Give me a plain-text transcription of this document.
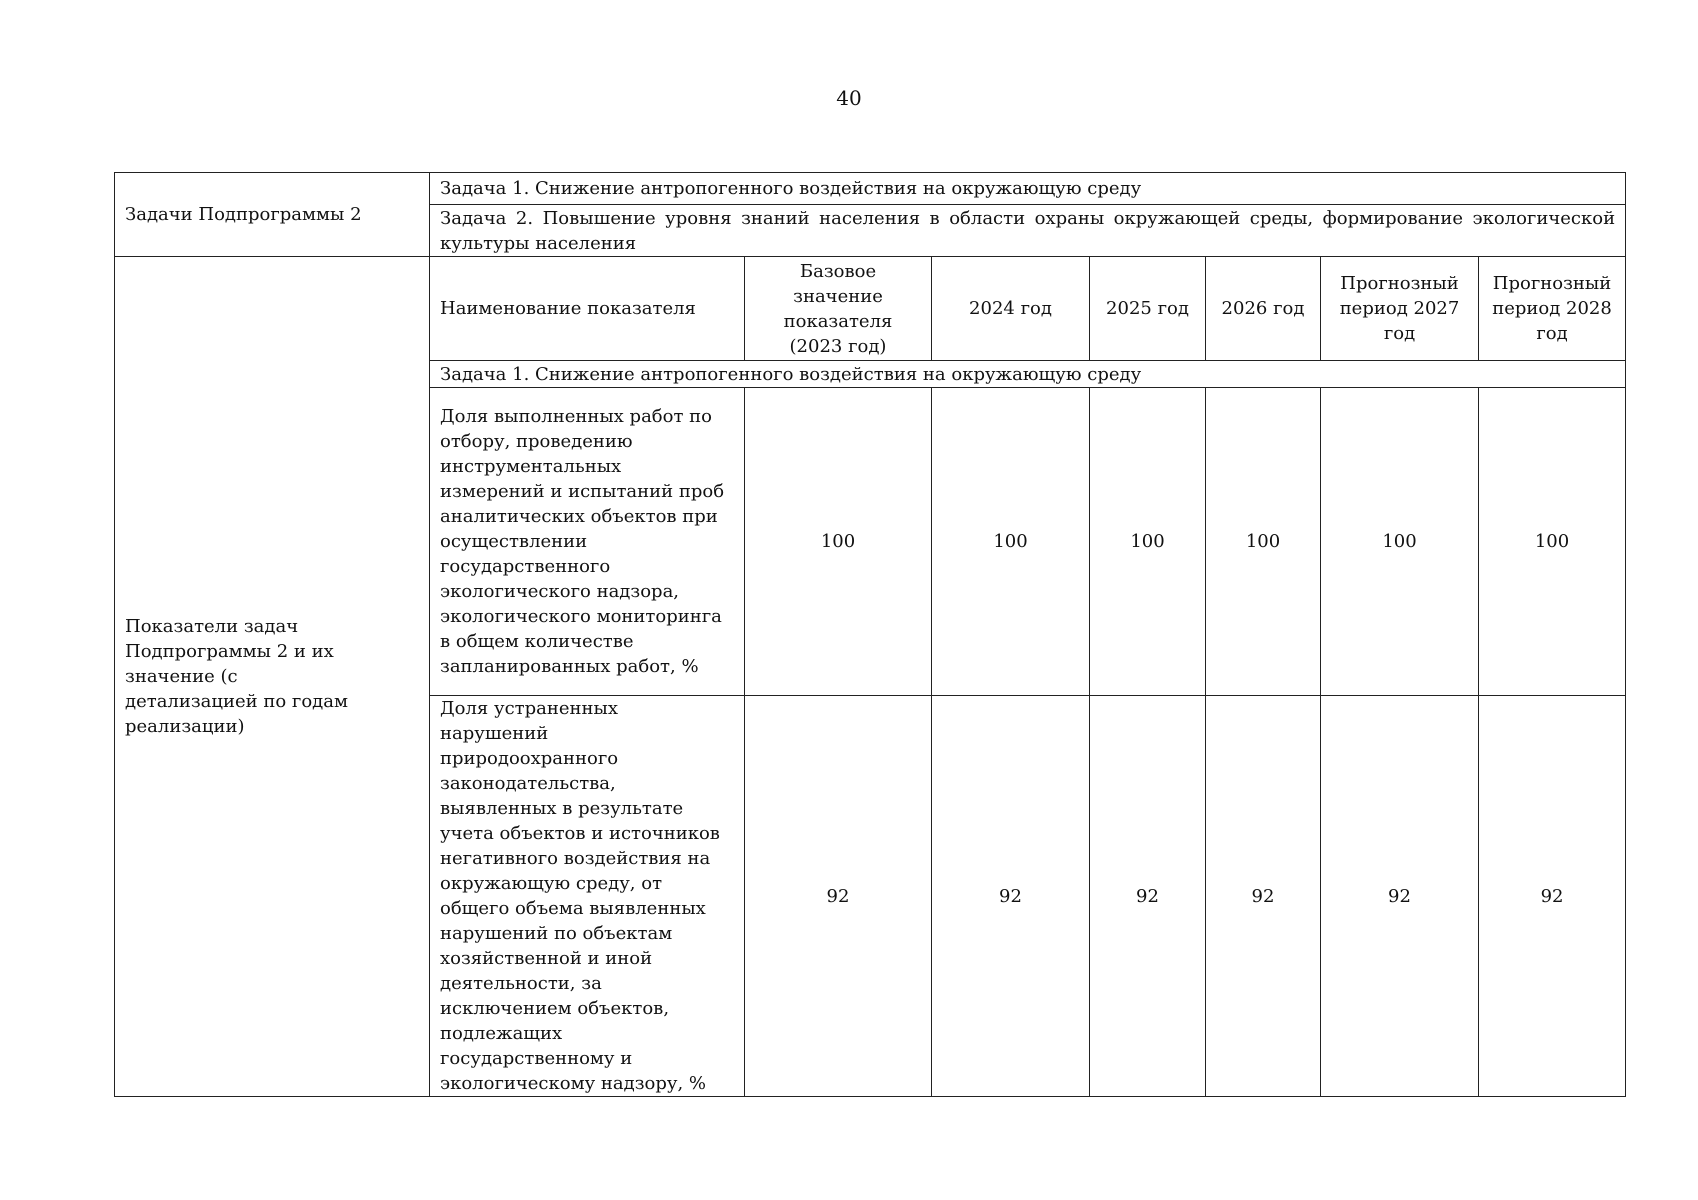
40
Задачи Подпрограммы 2	Задача 1. Снижение антропогенного воздействия на окружающую среду						
	Задача 2. Повышение уровня знаний населения в области охраны окружающей среды, формирование экологической культуры населения						

Показатели задач Подпрограммы 2 и их значение (с детализацией по годам реализации)	Наименование показателя	Базовое значение показателя (2023 год)	2024 год	2025 год	2026 год	Прогнозный период 2027 год	Прогнозный период 2028 год

	Задача 1. Снижение антропогенного воздействия на окружающую среду						

	Доля выполненных работ по отбору, проведению инструментальных измерений и испытаний проб аналитических объектов при осуществлении государственного экологического надзора, экологического мониторинга в общем количестве запланированных работ, %	100	100	100	100	100	100

	Доля устраненных нарушений природоохранного законодательства, выявленных в результате учета объектов и источников негативного воздействия на окружающую среду, от общего объема выявленных нарушений по объектам хозяйственной и иной деятельности, за исключением объектов, подлежащих государственному и экологическому надзору, %	92	92	92	92	92	92
